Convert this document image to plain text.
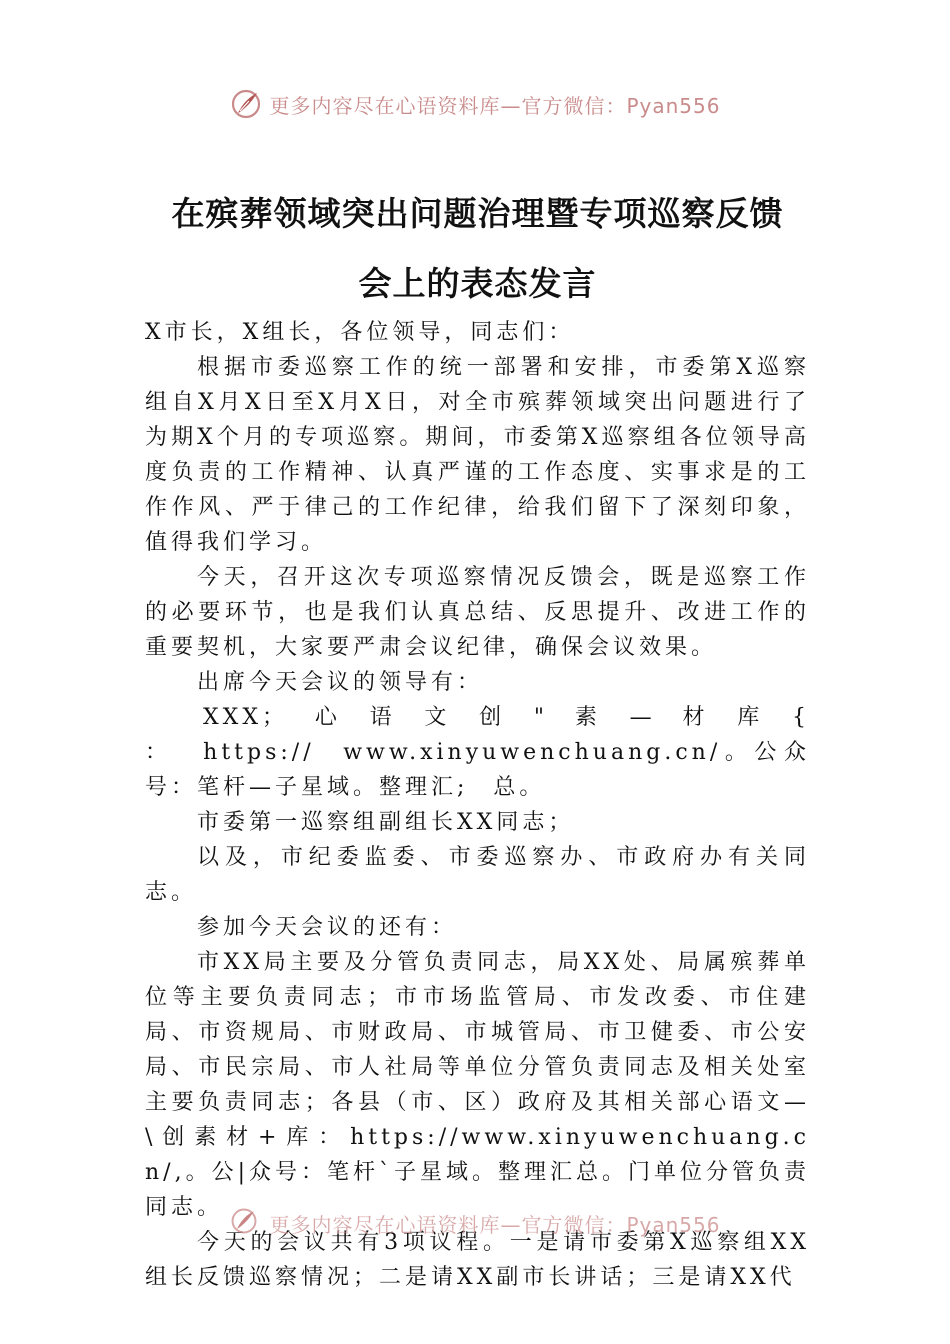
更多内容尽在心语资料库—官方微信：Pyan556
在殡葬领域突出问题治理暨专项巡察反馈
会上的表态发言

X市长，X组长，各位领导，同志们：

根据市委巡察工作的统一部署和安排，市委第X巡察组自X月X日至X月X日，对全市殡葬领域突出问题进行了为期X个月的专项巡察。期间，市委第X巡察组各位领导高度负责的工作精神、认真严谨的工作态度、实事求是的工作作风、严于律己的工作纪律，给我们留下了深刻印象，值得我们学习。

今天，召开这次专项巡察情况反馈会，既是巡察工作的必要环节，也是我们认真总结、反思提升、改进工作的重要契机，大家要严肃会议纪律，确保会议效果。

出席今天会议的领导有：

XXX； 心 语 文 创 " 素 — 材 库 { ： https:// www.xinyuwenchuang.cn/。公众号：笔杆—子星域。整理汇; 总。

市委第一巡察组副组长XX同志；

以及，市纪委监委、市委巡察办、市政府办有关同志。

参加今天会议的还有：

市XX局主要及分管负责同志，局XX处、局属殡葬单位等主要负责同志；市市场监管局、市发改委、市住建局、市资规局、市财政局、市城管局、市卫健委、市公安局、市民宗局、市人社局等单位分管负责同志及相关处室主要负责同志；各县（市、区）政府及其相关部心语文—\创素材+库：https://www.xinyuwenchuang.cn/,。公|众号：笔杆`子星域。整理汇总。门单位分管负责同志。

今天的会议共有3项议程。一是请市委第X巡察组XX组长反馈巡察情况；二是请XX副市长讲话；三是请XX代

更多内容尽在心语资料库—官方微信：Pyan556
